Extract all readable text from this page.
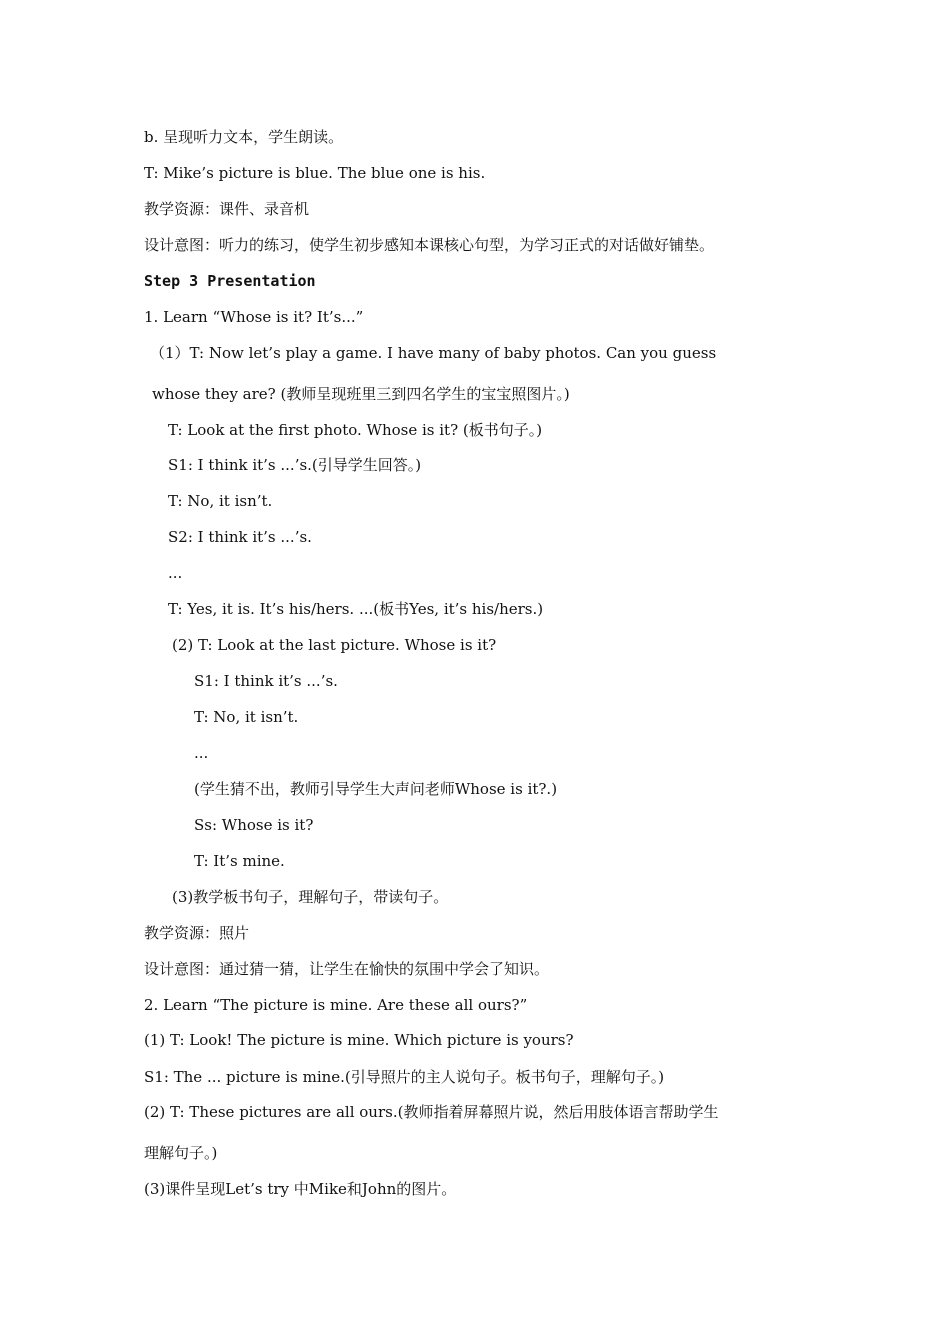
b. 呈现听力文本，学生朗读。
T: Mike’s picture is blue. The blue one is his.
教学资源：课件、录音机
设计意图：听力的练习，使学生初步感知本课核心句型，为学习正式的对话做好铺垫。
Step 3 Presentation
1. Learn “Whose is it? It’s...”
（1）T: Now let’s play a game. I have many of baby photos. Can you guess
whose they are? (教师呈现班里三到四名学生的宝宝照图片。)
T: Look at the first photo. Whose is it? (板书句子。)
S1: I think it’s ...’s.(引导学生回答。)
T: No, it isn’t.
S2: I think it’s ...’s.
...
T: Yes, it is. It’s his/hers. ...(板书Yes, it’s his/hers.)
(2) T: Look at the last picture. Whose is it?
S1: I think it’s ...’s.
T: No, it isn’t.
...
(学生猜不出，教师引导学生大声问老师Whose is it?.)
Ss: Whose is it?
T: It’s mine.
(3)教学板书句子，理解句子，带读句子。
教学资源：照片
设计意图：通过猜一猜，让学生在愉快的氛围中学会了知识。
2. Learn “The picture is mine. Are these all ours?”
(1) T: Look! The picture is mine. Which picture is yours?
S1: The ... picture is mine.(引导照片的主人说句子。板书句子，理解句子。)
(2) T: These pictures are all ours.(教师指着屏幕照片说，然后用肢体语言帮助学生
理解句子。)
(3)课件呈现Let’s try 中Mike和John的图片。
